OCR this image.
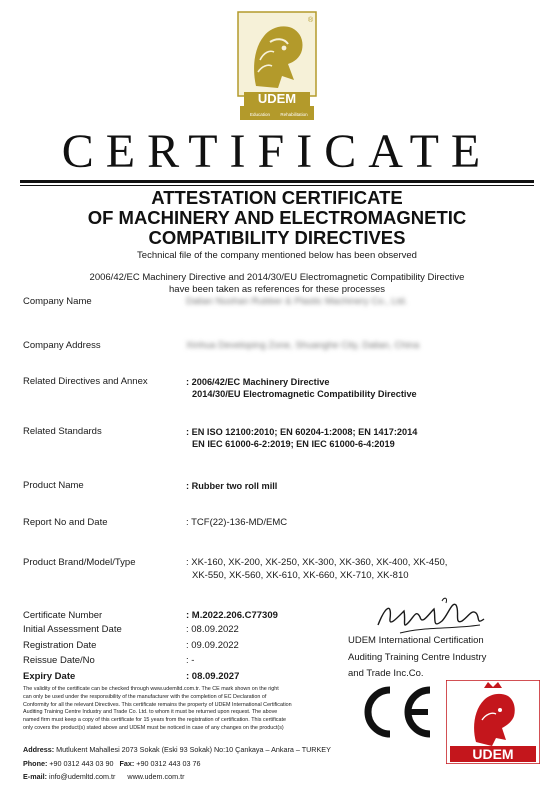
®
UDEM
Education Rehabilitation
CERTIFICATE
ATTESTATION CERTIFICATE
OF MACHINERY AND ELECTROMAGNETIC
COMPATIBILITY DIRECTIVES
Technical file of the company mentioned below has been observed
2006/42/EC Machinery Directive and 2014/30/EU Electromagnetic Compatibility Directive
have been taken as references for these processes
Company Name	Dalian Nuohan Rubber & Plastic Machinery Co., Ltd.
Company Address	Xinhua Developing Zone, Shuanghe City, Dalian, China
Related Directives and Annex	: 2006/42/EC Machinery Directive
2014/30/EU Electromagnetic Compatibility Directive
Related Standards	: EN ISO 12100:2010; EN 60204-1:2008; EN 1417:2014
EN IEC 61000-6-2:2019; EN IEC 61000-6-4:2019
Product Name	: Rubber two roll mill
Report No and Date	: TCF(22)-136-MD/EMC
Product Brand/Model/Type	: XK-160, XK-200, XK-250, XK-300, XK-360, XK-400, XK-450,
XK-550, XK-560, XK-610, XK-660, XK-710, XK-810
Certificate Number	: M.2022.206.C77309
Initial Assessment Date	: 08.09.2022
Registration Date	: 09.09.2022
Reissue Date/No	: -
Expiry Date	: 08.09.2027
UDEM International Certification
Auditing Training Centre Industry
and Trade Inc.Co.
The validity of the certificate can be checked through www.udemltd.com.tr. The CE mark shown on the right
can only be used under the responsibility of the manufacturer with the completion of EC Declaration of
Conformity for all the relevant Directives. This certificate remains the property of UDEM International Certification
Auditing Training Centre Industry and Trade Co. Ltd. to whom it must be returned upon request. The above
named firm must keep a copy of this certificate for 15 years from the registration of certification. This certificate
only covers the product(s) stated above and UDEM must be noticed in case of any changes on the product(s)
Address: Mutlukent Mahallesi 2073 Sokak (Eski 93 Sokak) No:10 Çankaya – Ankara – TURKEY
Phone: +90 0312 443 03 90 Fax: +90 0312 443 03 76
E-mail: info@udemltd.com.tr www.udem.com.tr
CE
UDEM
